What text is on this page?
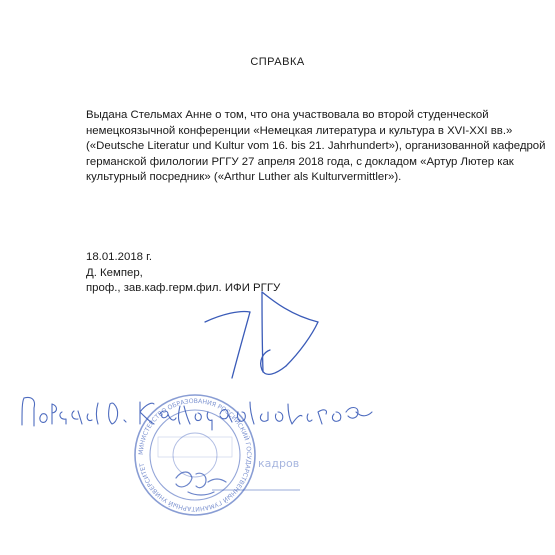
СПРАВКА
Выдана Стельмах Анне о том, что она участвовала во второй студенческой
немецкоязычной конференции «Немецкая литература и культура в XVI-XXI вв.»
(«Deutsche Literatur und Kultur vom 16. bis 21. Jahrhundert»), организованной кафедрой
германской филологии РГГУ 27 апреля 2018 года, с докладом «Артур Лютер как
культурный посредник» («Arthur Luther als Kulturvermittler»).
18.01.2018 г.
Д. Кемпер,
проф., зав.каф.герм.фил. ИФИ РГГУ
МИНИСТЕРСТВО ОБРАЗОВАНИЯ РОССИЙСКИЙ ГОСУДАРСТВЕННЫЙ ГУМАНИТАРНЫЙ УНИВЕРСИТЕТ	кадров
